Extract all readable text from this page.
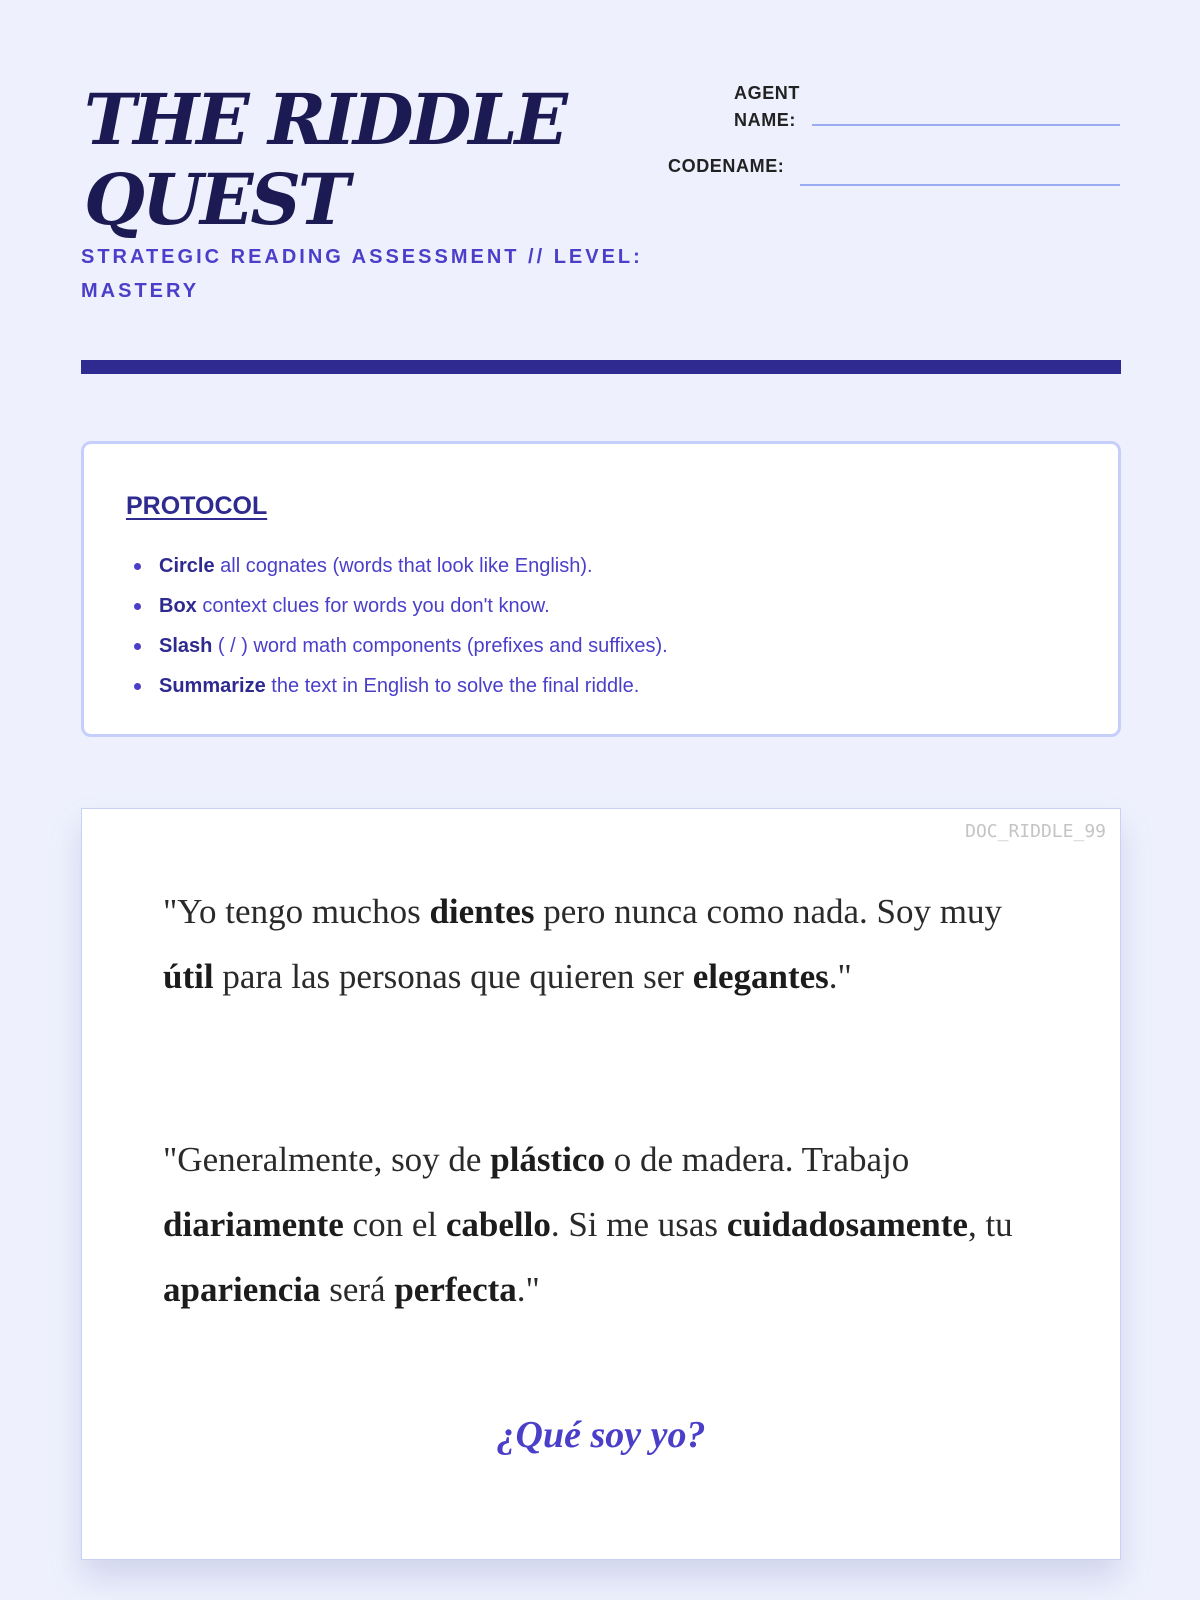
THE RIDDLE
QUEST
STRATEGIC READING ASSESSMENT // LEVEL: MASTERY
AGENT
NAME:
CODENAME:
PROTOCOL
Circle all cognates (words that look like English).
Box context clues for words you don't know.
Slash ( / ) word math components (prefixes and suffixes).
Summarize the text in English to solve the final riddle.
DOC_RIDDLE_99

"Yo tengo muchos dientes pero nunca como nada. Soy muy útil para las personas que quieren ser elegantes."

"Generalmente, soy de plástico o de madera. Trabajo diariamente con el cabello. Si me usas cuidadosamente, tu apariencia será perfecta."

¿Qué soy yo?
